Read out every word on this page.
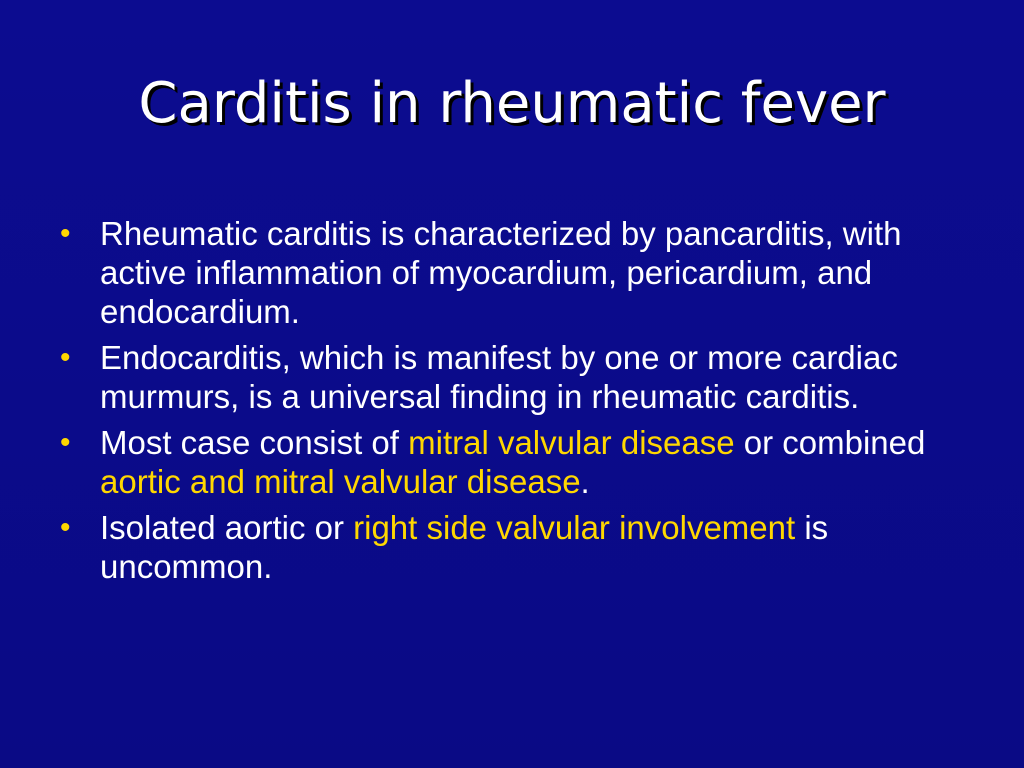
Carditis in rheumatic fever
• Rheumatic carditis is characterized by pancarditis, with active inflammation of myocardium, pericardium, and endocardium.
• Endocarditis, which is manifest by one or more cardiac murmurs, is a universal finding in rheumatic carditis.
• Most case consist of mitral valvular disease or combined aortic and mitral valvular disease.
• Isolated aortic or right side valvular involvement is uncommon.
